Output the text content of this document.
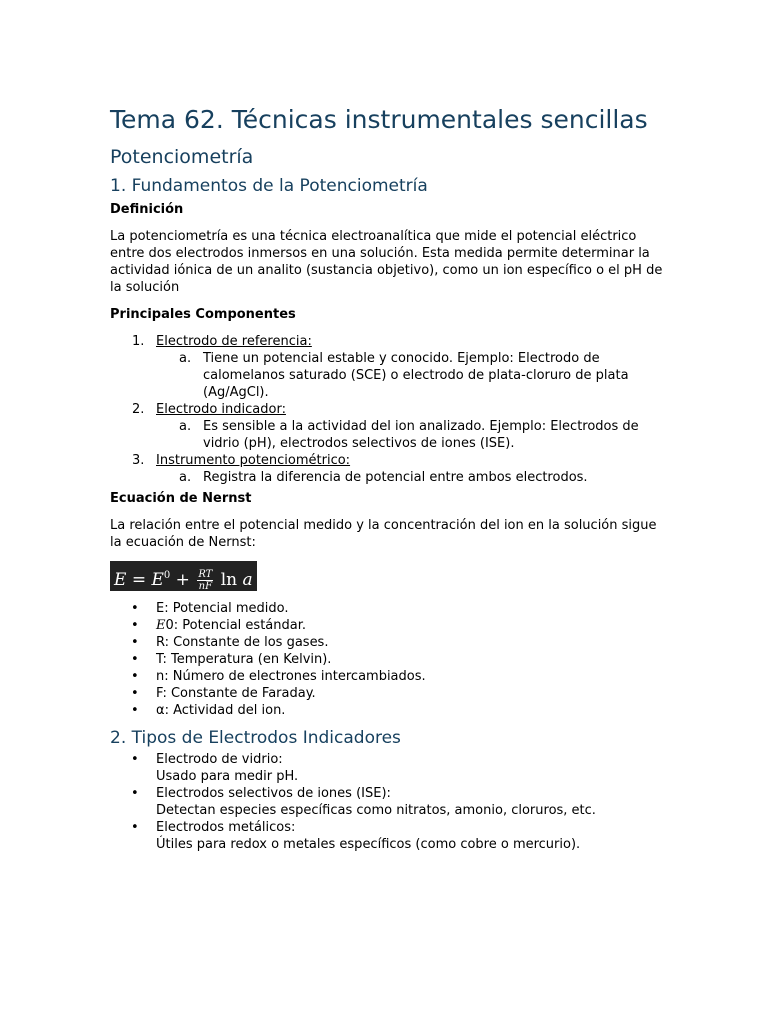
Tema 62. Técnicas instrumentales sencillas
Potenciometría
1. Fundamentos de la Potenciometría
Definición

La potenciometría es una técnica electroanalítica que mide el potencial eléctrico entre dos electrodos inmersos en una solución. Esta medida permite determinar la actividad iónica de un analito (sustancia objetivo), como un ion específico o el pH de la solución

Principales Componentes
1. Electrodo de referencia:
a. Tiene un potencial estable y conocido. Ejemplo: Electrodo de calomelanos saturado (SCE) o electrodo de plata-cloruro de plata (Ag/AgCl).
2. Electrodo indicador:
a. Es sensible a la actividad del ion analizado. Ejemplo: Electrodos de vidrio (pH), electrodos selectivos de iones (ISE).
3. Instrumento potenciométrico:
a. Registra la diferencia de potencial entre ambos electrodos.
Ecuación de Nernst

La relación entre el potencial medido y la concentración del ion en la solución sigue la ecuación de Nernst:

$E = E^0 + \frac{RT}{nF}$ ln a
• E: Potencial medido.
• E0: Potencial estándar.
• R: Constante de los gases.
• T: Temperatura (en Kelvin).
• n: Número de electrones intercambiados.
• F: Constante de Faraday.
• α: Actividad del ion.
2. Tipos de Electrodos Indicadores
• Electrodo de vidrio:
Usado para medir pH.
• Electrodos selectivos de iones (ISE):
Detectan especies específicas como nitratos, amonio, cloruros, etc.
• Electrodos metálicos:
Útiles para redox o metales específicos (como cobre o mercurio).
